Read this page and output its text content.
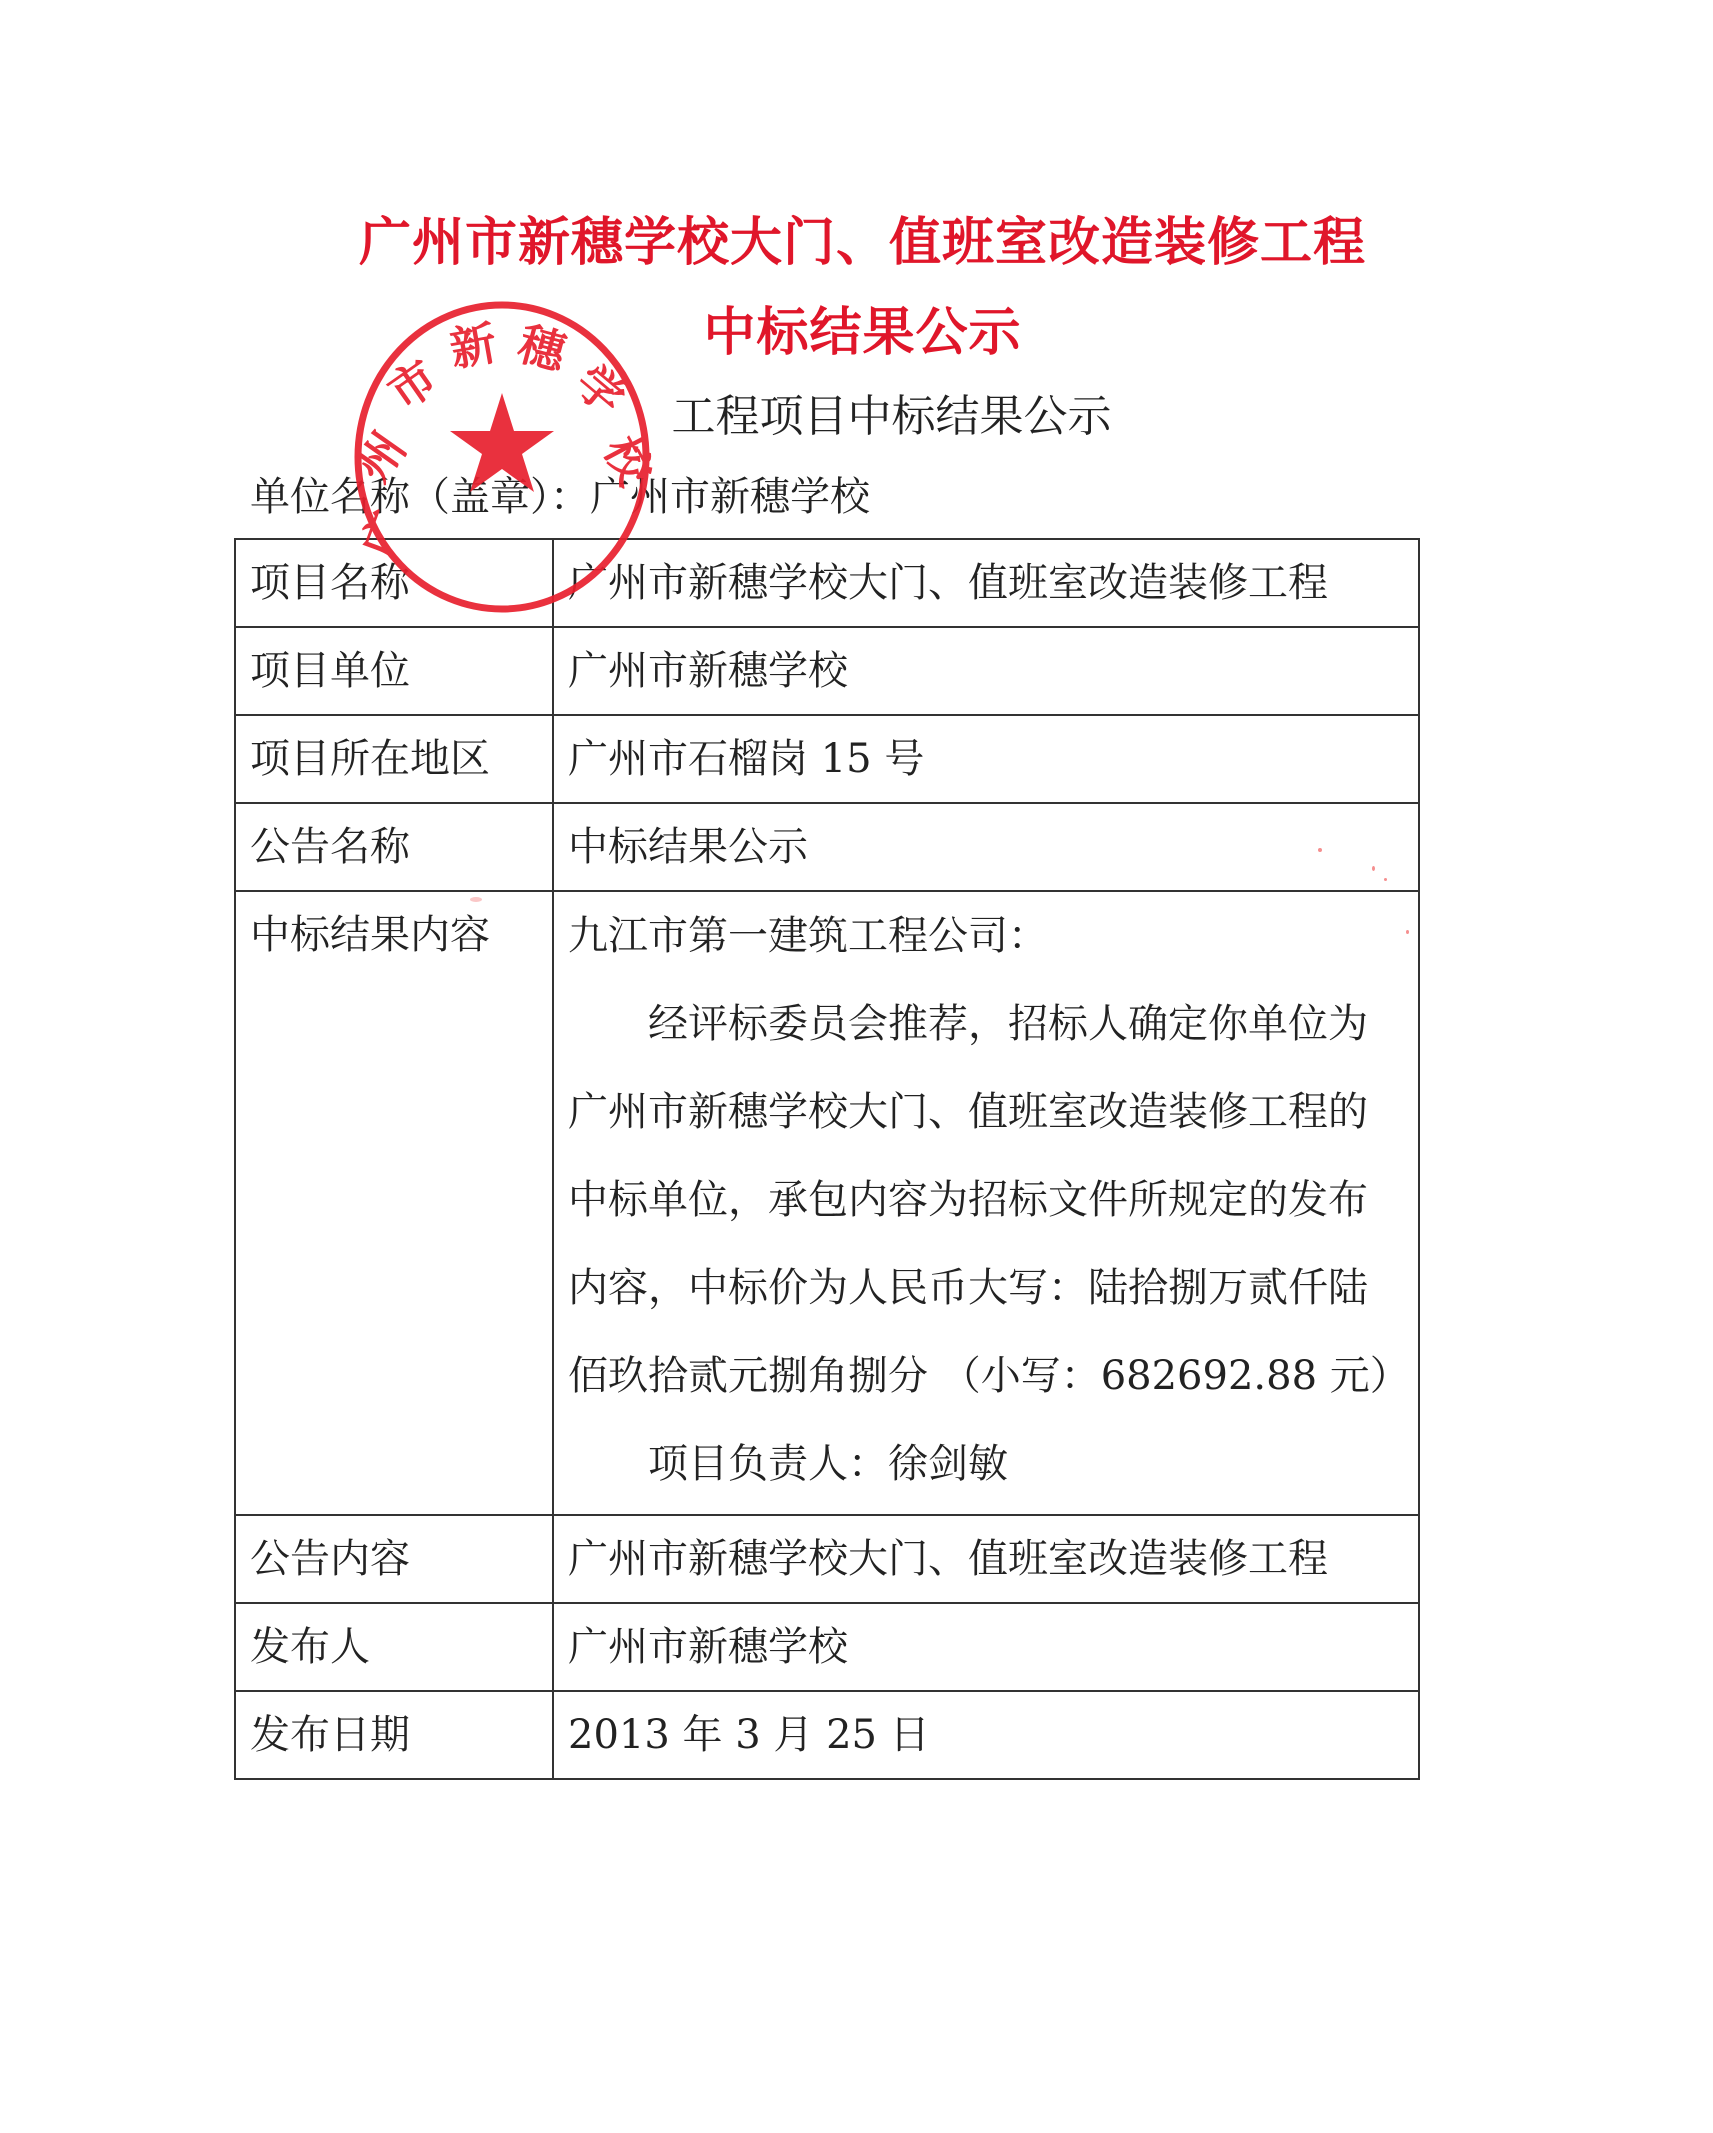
广州市新穗学校大门、值班室改造装修工程
中标结果公示
工程项目中标结果公示
单位名称（盖章）：广州市新穗学校
项目名称	广州市新穗学校大门、值班室改造装修工程
项目单位	广州市新穗学校
项目所在地区	广州市石榴岗 15 号
公告名称	中标结果公示
中标结果内容	九江市第一建筑工程公司：
经评标委员会推荐，招标人确定你单位为广州市新穗学校大门、值班室改造装修工程的中标单位，承包内容为招标文件所规定的发布内容，中标价为人民币大写：陆拾捌万贰仟陆佰玖拾贰元捌角捌分 （小写：682692.88 元）
项目负责人：徐剑敏

公告内容	广州市新穗学校大门、值班室改造装修工程
发布人	广州市新穗学校
发布日期	2013 年 3 月 25 日
广
州
市
新 穗
学
校
